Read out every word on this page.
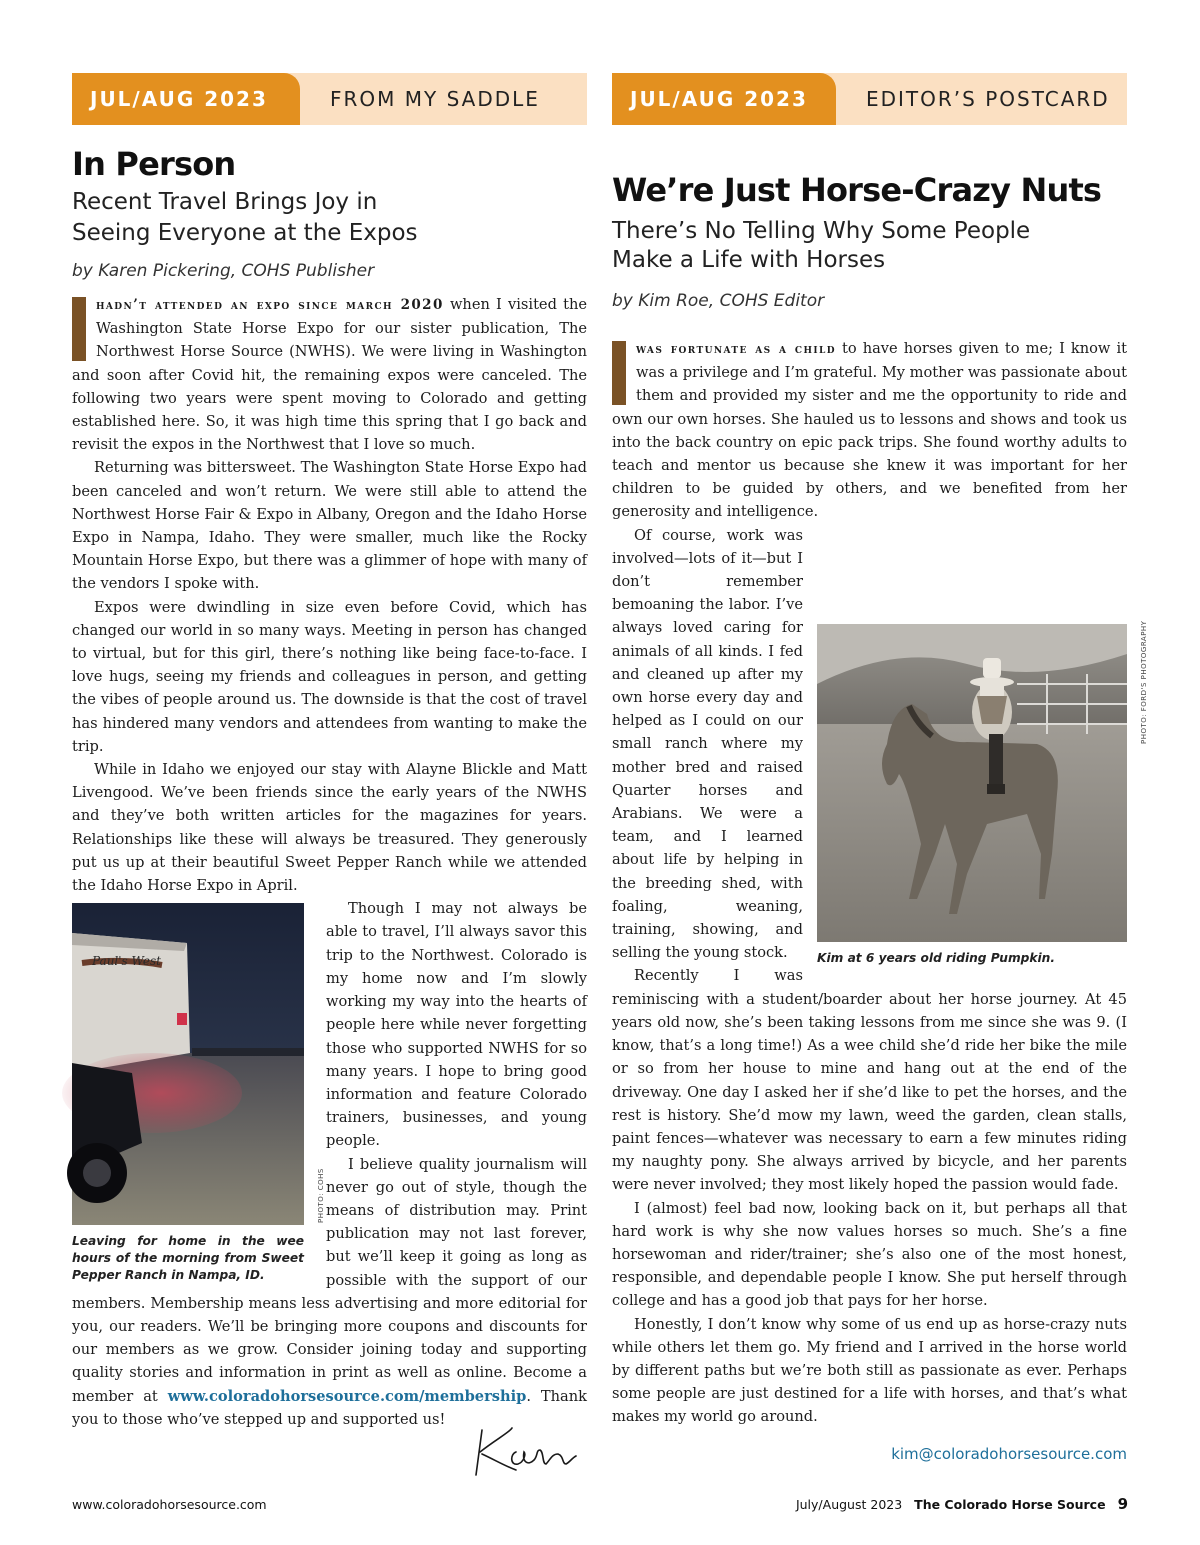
JUL/AUG 2023	FROM MY SADDLE
In Person

Recent Travel Brings Joy in

Seeing Everyone at the Expos

by Karen Pickering, COHS Publisher

hadn’t attended an expo since march 2020 when I visited the Washington State Horse Expo for our sister publication, The Northwest Horse Source (NWHS). We were living in Washington and soon after Covid hit, the remaining expos were canceled. The following two years were spent moving to Colorado and getting established here. So, it was high time this spring that I go back and revisit the expos in the Northwest that I love so much.

Returning was bittersweet. The Washington State Horse Expo had been canceled and won’t return. We were still able to attend the Northwest Horse Fair & Expo in Albany, Oregon and the Idaho Horse Expo in Nampa, Idaho. They were smaller, much like the Rocky Mountain Horse Expo, but there was a glimmer of hope with many of the vendors I spoke with.

Expos were dwindling in size even before Covid, which has changed our world in so many ways. Meeting in person has changed to virtual, but for this girl, there’s nothing like being face-to-face. I love hugs, seeing my friends and colleagues in person, and getting the vibes of people around us. The downside is that the cost of travel has hindered many vendors and attendees from wanting to make the trip.

While in Idaho we enjoyed our stay with Alayne Blickle and Matt Livengood. We’ve been friends since the early years of the NWHS and they’ve both written articles for the magazines for years. Relationships like these will always be treasured. They generously put us up at their beautiful Sweet Pepper Ranch while we attended the Idaho Horse Expo in April.

Paul's West
PHOTO: COHS
Leaving for home in the wee hours of the morning from Sweet Pepper Ranch in Nampa, ID.

Though I may not always be able to travel, I’ll always savor this trip to the Northwest. Colorado is my home now and I’m slowly working my way into the hearts of people here while never forgetting those who supported NWHS for so many years. I hope to bring good information and feature Colorado trainers, businesses, and young people.

I believe quality journalism will never go out of style, though the means of distribution may. Print publication may not last forever, but we’ll keep it going as long as possible with the support of our members. Membership means less advertising and more editorial for you, our readers. We’ll be bringing more coupons and discounts for our members as we grow. Consider joining today and supporting quality stories and information in print as well as online. Become a member at www.coloradohorsesource.com/membership. Thank you to those who’ve stepped up and supported us!

JUL/AUG 2023	EDITOR’S POSTCARD
We’re Just Horse-Crazy Nuts

There’s No Telling Why Some People

Make a Life with Horses

by Kim Roe, COHS Editor

was fortunate as a child to have horses given to me; I know it was a privilege and I’m grateful. My mother was passionate about them and provided my sister and me the opportunity to ride and own our own horses. She hauled us to lessons and shows and took us into the back country on epic pack trips. She found worthy adults to teach and mentor us because she knew it was important for her children to be guided by others, and we benefited from her generosity and intelligence.

PHOTO: FORD'S PHOTOGRAPHY
Kim at 6 years old riding Pumpkin.

Of course, work was involved—lots of it—but I don’t remember bemoaning the labor. I’ve always loved caring for animals of all kinds. I fed and cleaned up after my own horse every day and helped as I could on our small ranch where my mother bred and raised Quarter horses and Arabians. We were a team, and I learned about life by helping in the breeding shed, with foaling, weaning, training, showing, and selling the young stock.

Recently I was reminiscing with a student/boarder about her horse journey. At 45 years old now, she’s been taking lessons from me since she was 9. (I know, that’s a long time!) As a wee child she’d ride her bike the mile or so from her house to mine and hang out at the end of the driveway. One day I asked her if she’d like to pet the horses, and the rest is history. She’d mow my lawn, weed the garden, clean stalls, paint fences—whatever was necessary to earn a few minutes riding my naughty pony. She always arrived by bicycle, and her parents were never involved; they most likely hoped the passion would fade.

I (almost) feel bad now, looking back on it, but perhaps all that hard work is why she now values horses so much. She’s a fine horsewoman and rider/trainer; she’s also one of the most honest, responsible, and dependable people I know. She put herself through college and has a good job that pays for her horse.

Honestly, I don’t know why some of us end up as horse-crazy nuts while others let them go. My friend and I arrived in the horse world by different paths but we’re both still as passionate as ever. Perhaps some people are just destined for a life with horses, and that’s what makes my world go around.

kim@coloradohorsesource.com
www.coloradohorsesource.com	July/August 2023 The Colorado Horse Source 9
